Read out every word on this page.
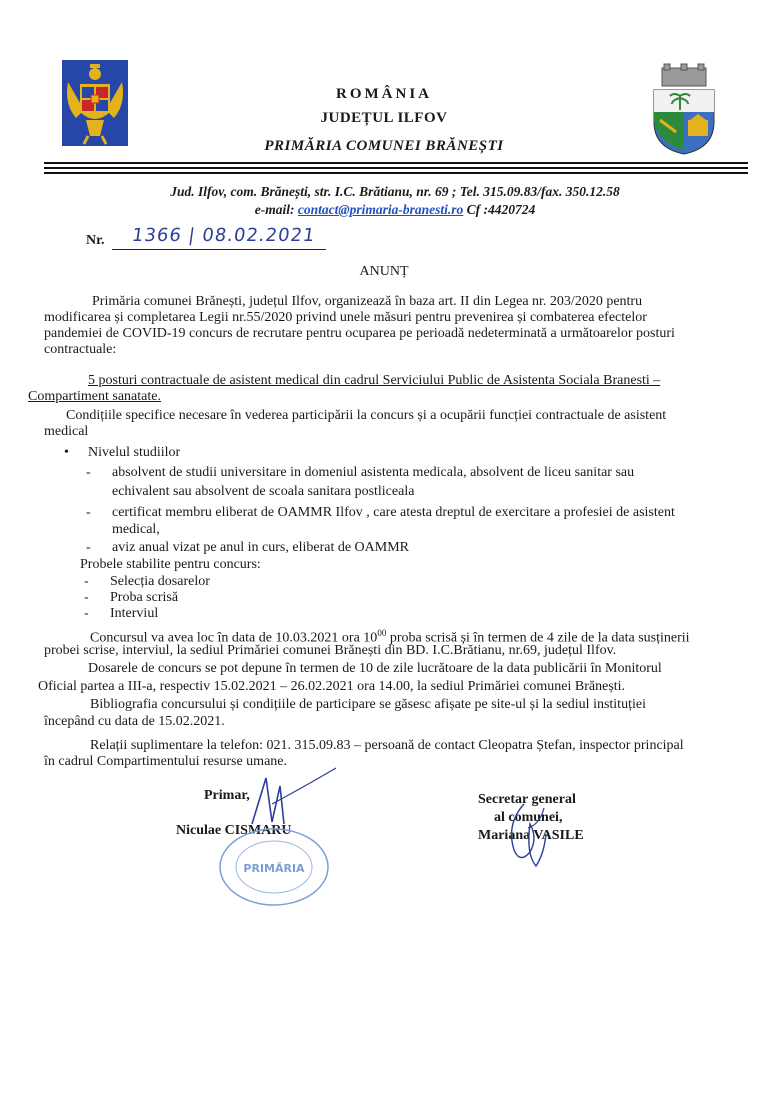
ROMÂNIA
JUDEȚUL ILFOV
PRIMĂRIA COMUNEI BRĂNEȘTI
Jud. Ilfov, com. Brănești, str. I.C. Brătianu, nr. 69 ; Tel. 315.09.83/fax. 350.12.58
e-mail: contact@primaria-branesti.ro Cf :4420724
Nr. 1366 | 08.02.2021
ANUNȚ
Primăria comunei Brănești, județul Ilfov, organizează în baza art. II din Legea nr. 203/2020 pentru
modificarea și completarea Legii nr.55/2020 privind unele măsuri pentru prevenirea și combaterea efectelor
pandemiei de COVID-19 concurs de recrutare pentru ocuparea pe perioadă nedeterminată a următoarelor posturi
contractuale:
5 posturi contractuale de asistent medical din cadrul Serviciului Public de Asistenta Sociala Branesti –
Compartiment sanatate.
Condițiile specifice necesare în vederea participării la concurs și a ocupării funcției contractuale de asistent
medical
• Nivelul studiilor
- absolvent de studii universitare in domeniul asistenta medicala, absolvent de liceu sanitar sau
echivalent sau absolvent de scoala sanitara postliceala
- certificat membru eliberat de OAMMR Ilfov , care atesta dreptul de exercitare a profesiei de asistent
medical,
- aviz anual vizat pe anul in curs, eliberat de OAMMR
Probele stabilite pentru concurs:
- Selecția dosarelor
- Proba scrisă
- Interviul
Concursul va avea loc în data de 10.03.2021 ora $10^{00}$ proba scrisă și în termen de 4 zile de la data susținerii
probei scrise, interviul, la sediul Primăriei comunei Brănești din BD. I.C.Brătianu, nr.69, județul Ilfov.
Dosarele de concurs se pot depune în termen de 10 de zile lucrătoare de la data publicării în Monitorul
Oficial partea a III-a, respectiv 15.02.2021 – 26.02.2021 ora 14.00, la sediul Primăriei comunei Brănești.
Bibliografia concursului și condițiile de participare se găsesc afișate pe site-ul și la sediul instituției
începând cu data de 15.02.2021.
Relații suplimentare la telefon: 021. 315.09.83 – persoană de contact Cleopatra Ștefan, inspector principal
în cadrul Compartimentului resurse umane.
Primar,
Niculae CISMARU
Secretar general
al comunei,
Mariana VASILE
PRIMĂRIA
